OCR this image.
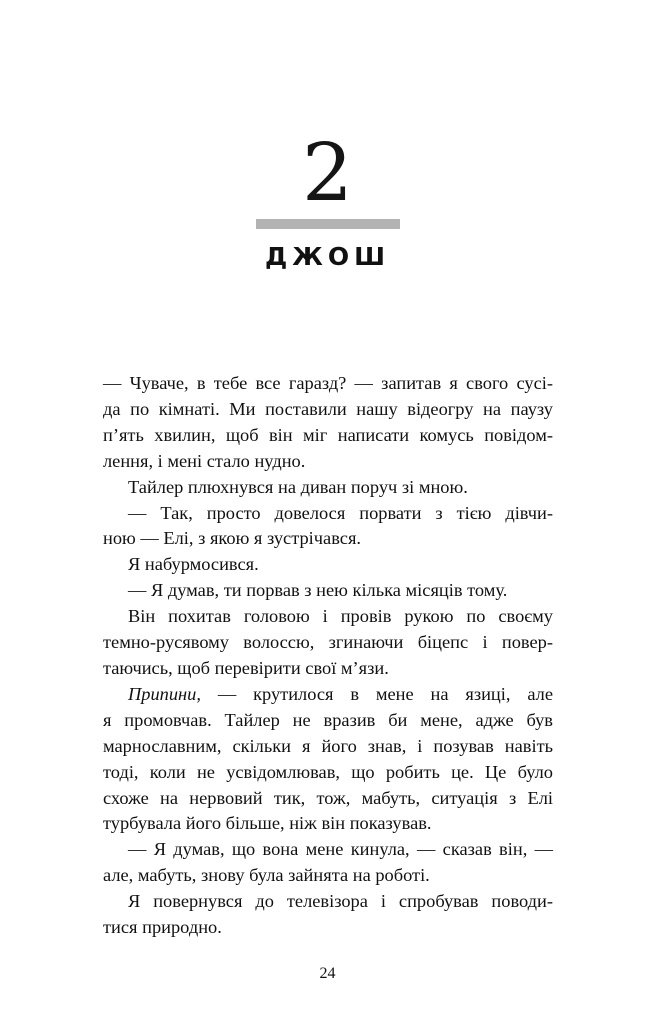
2
ДЖОШ
— Чуваче, в тебе все гаразд? — запитав я свого сусі-
да по кімнаті. Ми поставили нашу відеогру на паузу
п’ять хвилин, щоб він міг написати комусь повідом-
лення, і мені стало нудно.
Тайлер плюхнувся на диван поруч зі мною.
— Так, просто довелося порвати з тією дівчи-
ною — Елі, з якою я зустрічався.
Я набурмосився.
— Я думав, ти порвав з нею кілька місяців тому.
Він похитав головою і провів рукою по своєму
темно-русявому волоссю, згинаючи біцепс і повер-
таючись, щоб перевірити свої м’язи.
Припини, — крутилося в мене на язиці, але
я промовчав. Тайлер не вразив би мене, адже був
марнославним, скільки я його знав, і позував навіть
тоді, коли не усвідомлював, що робить це. Це було
схоже на нервовий тик, тож, мабуть, ситуація з Елі
турбувала його більше, ніж він показував.
— Я думав, що вона мене кинула, — сказав він, —
але, мабуть, знову була зайнята на роботі.
Я повернувся до телевізора і спробував поводи-
тися природно.
24
